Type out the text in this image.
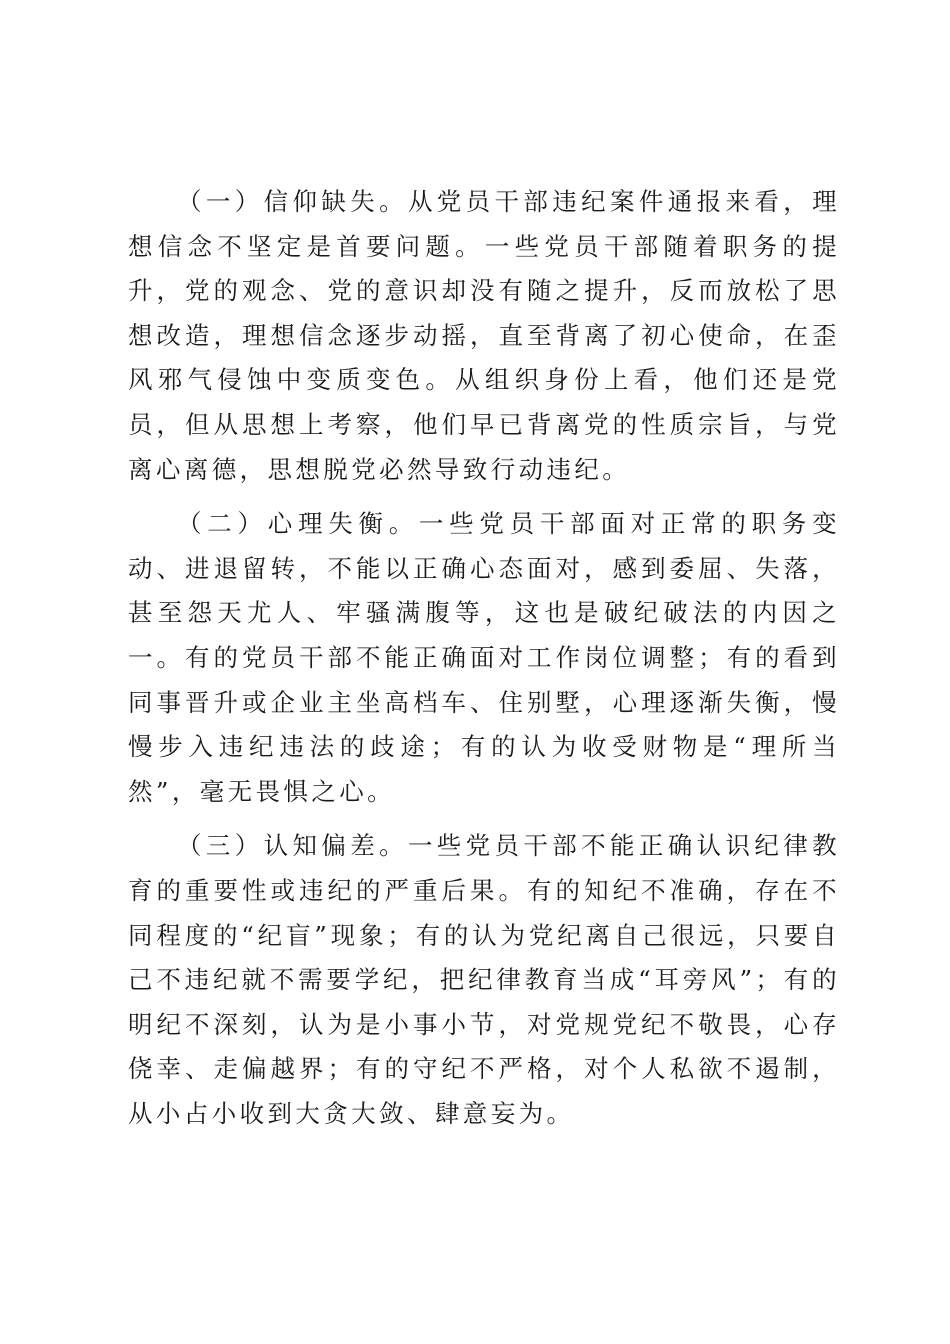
（一）信仰缺失。从党员干部违纪案件通报来看，理想信念不坚定是首要问题。一些党员干部随着职务的提升，党的观念、党的意识却没有随之提升，反而放松了思想改造，理想信念逐步动摇，直至背离了初心使命，在歪风邪气侵蚀中变质变色。从组织身份上看，他们还是党员，但从思想上考察，他们早已背离党的性质宗旨，与党离心离德，思想脱党必然导致行动违纪。

（二）心理失衡。一些党员干部面对正常的职务变动、进退留转，不能以正确心态面对，感到委屈、失落，甚至怨天尤人、牢骚满腹等，这也是破纪破法的内因之一。有的党员干部不能正确面对工作岗位调整；有的看到同事晋升或企业主坐高档车、住别墅，心理逐渐失衡，慢慢步入违纪违法的歧途；有的认为收受财物是“理所当然”，毫无畏惧之心。

（三）认知偏差。一些党员干部不能正确认识纪律教育的重要性或违纪的严重后果。有的知纪不准确，存在不同程度的“纪盲”现象；有的认为党纪离自己很远，只要自己不违纪就不需要学纪，把纪律教育当成“耳旁风”；有的明纪不深刻，认为是小事小节，对党规党纪不敬畏，心存侥幸、走偏越界；有的守纪不严格，对个人私欲不遏制，从小占小收到大贪大敛、肆意妄为。
